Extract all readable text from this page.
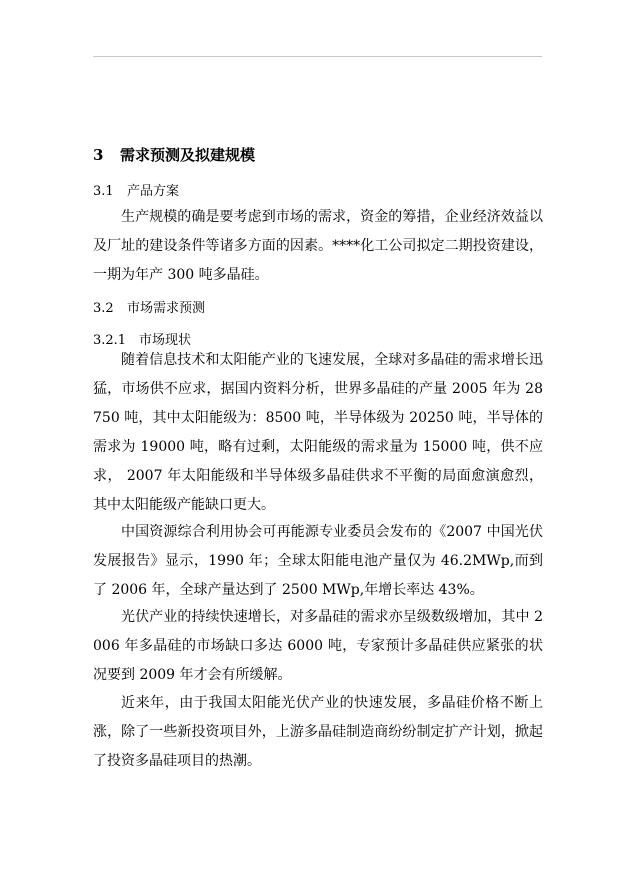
3 需求预测及拟建规模
3.1 产品方案

生产规模的确是要考虑到市场的需求，资金的筹措，企业经济效益以及厂址的建设条件等诸多方面的因素。****化工公司拟定二期投资建设，一期为年产 300 吨多晶硅。

3.2 市场需求预测
3.2.1 市场现状

随着信息技术和太阳能产业的飞速发展，全球对多晶硅的需求增长迅猛，市场供不应求，据国内资料分析，世界多晶硅的产量 2005 年为 28750 吨，其中太阳能级为：8500 吨，半导体级为 20250 吨，半导体的需求为 19000 吨，略有过剩，太阳能级的需求量为 15000 吨，供不应求， 2007 年太阳能级和半导体级多晶硅供求不平衡的局面愈演愈烈，其中太阳能级产能缺口更大。

中国资源综合利用协会可再能源专业委员会发布的《2007 中国光伏发展报告》显示，1990 年；全球太阳能电池产量仅为 46.2MWp,而到了 2006 年，全球产量达到了 2500 MWp,年增长率达 43%。

光伏产业的持续快速增长，对多晶硅的需求亦呈级数级增加，其中 2006 年多晶硅的市场缺口多达 6000 吨，专家预计多晶硅供应紧张的状况要到 2009 年才会有所缓解。

近来年，由于我国太阳能光伏产业的快速发展，多晶硅价格不断上涨，除了一些新投资项目外，上游多晶硅制造商纷纷制定扩产计划，掀起了投资多晶硅项目的热潮。
